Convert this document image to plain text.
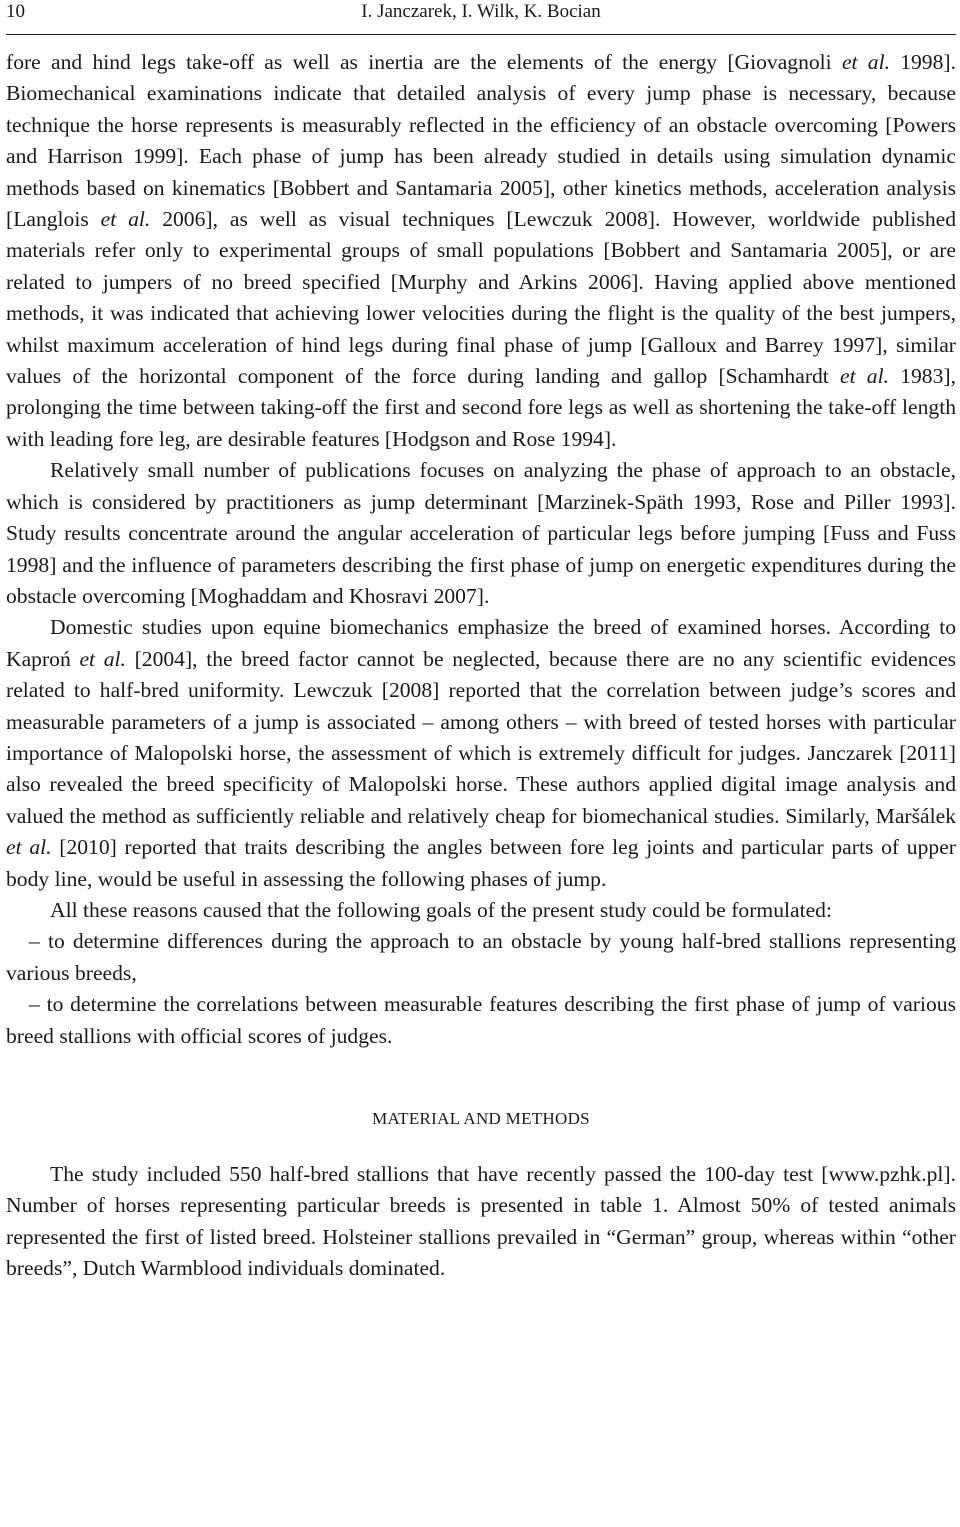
10	I. Janczarek, I. Wilk, K. Bocian

fore and hind legs take-off as well as inertia are the elements of the energy [Giovagnoli et al. 1998]. Biomechanical examinations indicate that detailed analysis of every jump phase is necessary, because technique the horse represents is measurably reflected in the efficiency of an obstacle overcoming [Powers and Harrison 1999]. Each phase of jump has been already studied in details using simulation dynamic methods based on kinematics [Bobbert and Santamaria 2005], other kinetics methods, acceleration analysis [Langlois et al. 2006], as well as visual techniques [Lewczuk 2008]. However, worldwide published materials refer only to experimental groups of small populations [Bobbert and Santamaria 2005], or are related to jumpers of no breed specified [Murphy and Arkins 2006]. Having applied above mentioned methods, it was indicated that achieving lower velocities during the flight is the quality of the best jumpers, whilst maximum acceleration of hind legs during final phase of jump [Galloux and Barrey 1997], similar values of the horizontal component of the force during landing and gallop [Schamhardt et al. 1983], prolonging the time between taking-off the first and second fore legs as well as shortening the take-off length with leading fore leg, are desirable features [Hodgson and Rose 1994].

Relatively small number of publications focuses on analyzing the phase of approach to an obstacle, which is considered by practitioners as jump determinant [Marzinek-Späth 1993, Rose and Piller 1993]. Study results concentrate around the angular acceleration of particular legs before jumping [Fuss and Fuss 1998] and the influence of parameters describing the first phase of jump on energetic expenditures during the obstacle overcoming [Moghaddam and Khosravi 2007].

Domestic studies upon equine biomechanics emphasize the breed of examined horses. According to Kaproń et al. [2004], the breed factor cannot be neglected, because there are no any scientific evidences related to half-bred uniformity. Lewczuk [2008] reported that the correlation between judge’s scores and measurable parameters of a jump is associated – among others – with breed of tested horses with particular importance of Malopolski horse, the assessment of which is extremely difficult for judges. Janczarek [2011] also revealed the breed specificity of Malopolski horse. These authors applied digital image analysis and valued the method as sufficiently reliable and relatively cheap for biomechanical studies. Similarly, Maršálek et al. [2010] reported that traits describing the angles between fore leg joints and particular parts of upper body line, would be useful in assessing the following phases of jump.

All these reasons caused that the following goals of the present study could be formulated:

– to determine differences during the approach to an obstacle by young half-bred stallions representing various breeds,

– to determine the correlations between measurable features describing the first phase of jump of various breed stallions with official scores of judges.

MATERIAL AND METHODS

The study included 550 half-bred stallions that have recently passed the 100-day test [www.pzhk.pl]. Number of horses representing particular breeds is presented in table 1. Almost 50% of tested animals represented the first of listed breed. Holsteiner stallions prevailed in “German” group, whereas within “other breeds”, Dutch Warmblood individuals dominated.
